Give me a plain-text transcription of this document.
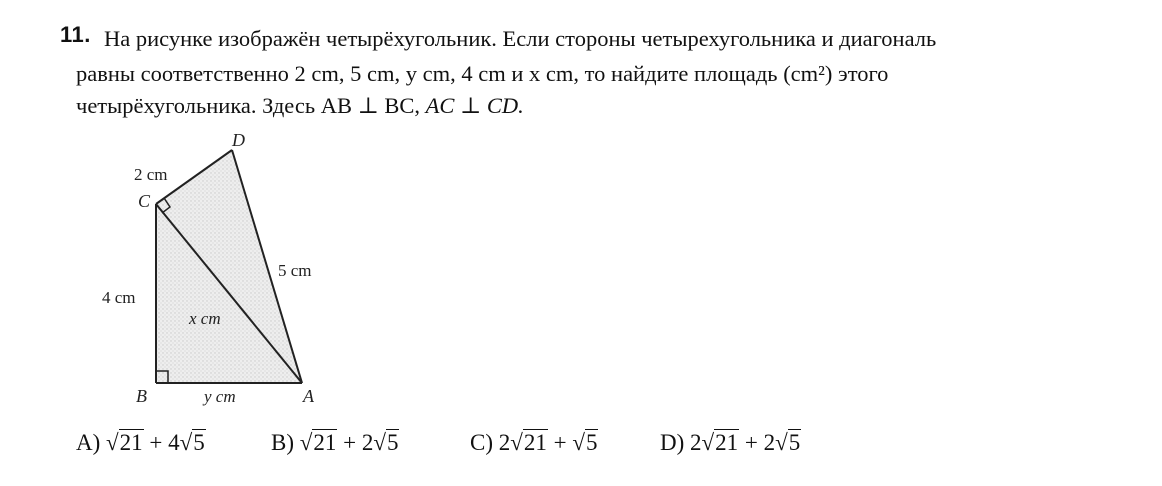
11. На рисунке изображён четырёхугольник. Если стороны четырехугольника и диагональ
равны соответственно 2 cm, 5 cm, y cm, 4 cm и x cm, то найдите площадь (cm²) этого
четырёхугольника. Здесь AB ⊥ BC, AC ⊥ CD.
D
C
B	A
2 cm
5 cm
4 cm
x cm
y cm
A) √21 + 4√5	B) √21 + 2√5	C) 2√21 + √5	D) 2√21 + 2√5
